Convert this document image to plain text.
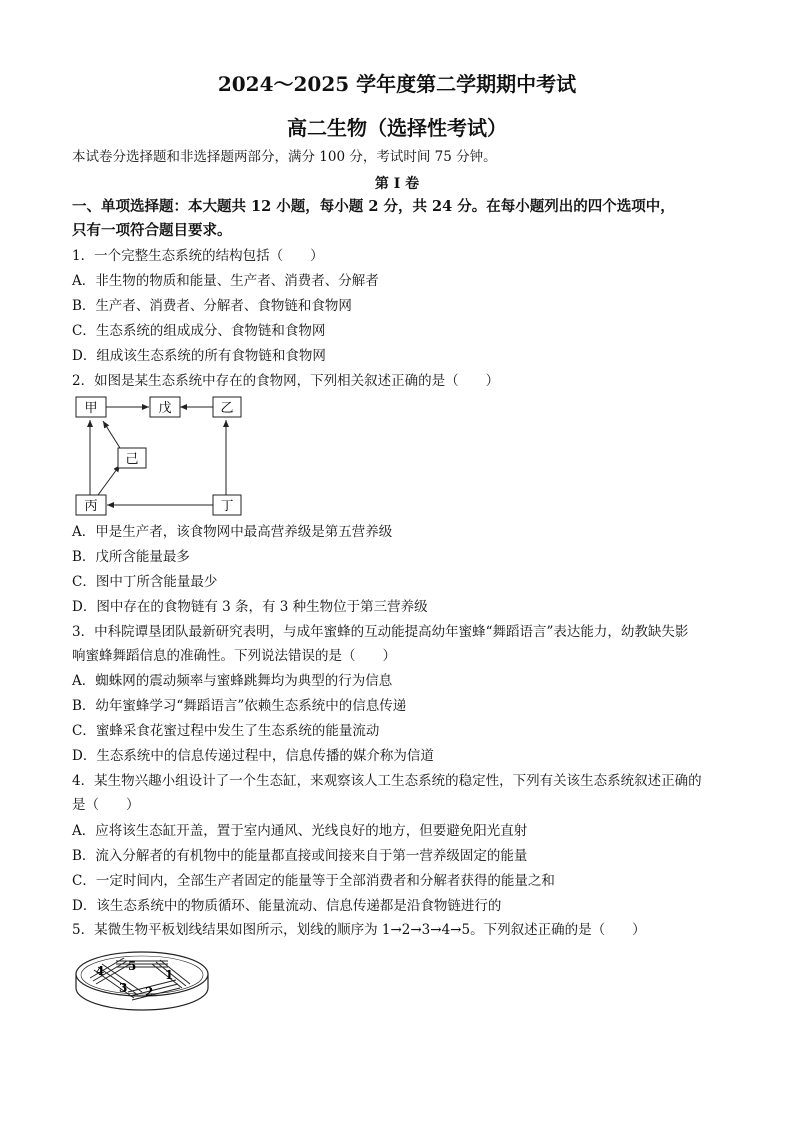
2024～2025 学年度第二学期期中考试
高二生物（选择性考试）
本试卷分选择题和非选择题两部分，满分 100 分，考试时间 75 分钟。
第 I 卷
一、单项选择题：本大题共 12 小题，每小题 2 分，共 24 分。在每小题列出的四个选项中，
只有一项符合题目要求。
1．一个完整生态系统的结构包括（　　）
A．非生物的物质和能量、生产者、消费者、分解者
B．生产者、消费者、分解者、食物链和食物网
C．生态系统的组成成分、食物链和食物网
D．组成该生态系统的所有食物链和食物网
2．如图是某生态系统中存在的食物网，下列相关叙述正确的是（　　）
甲	戊	乙
己
丙	丁
A．甲是生产者，该食物网中最高营养级是第五营养级
B．戊所含能量最多
C．图中丁所含能量最少
D．图中存在的食物链有 3 条，有 3 种生物位于第三营养级
3．中科院谭垦团队最新研究表明，与成年蜜蜂的互动能提高幼年蜜蜂“舞蹈语言”表达能力，幼教缺失影
响蜜蜂舞蹈信息的准确性。下列说法错误的是（　　）
A．蜘蛛网的震动频率与蜜蜂跳舞均为典型的行为信息
B．幼年蜜蜂学习“舞蹈语言”依赖生态系统中的信息传递
C．蜜蜂采食花蜜过程中发生了生态系统的能量流动
D．生态系统中的信息传递过程中，信息传播的媒介称为信道
4．某生物兴趣小组设计了一个生态缸，来观察该人工生态系统的稳定性，下列有关该生态系统叙述正确的
是（　　）
A．应将该生态缸开盖，置于室内通风、光线良好的地方，但要避免阳光直射
B．流入分解者的有机物中的能量都直接或间接来自于第一营养级固定的能量
C．一定时间内，全部生产者固定的能量等于全部消费者和分解者获得的能量之和
D．该生态系统中的物质循环、能量流动、信息传递都是沿食物链进行的
5．某微生物平板划线结果如图所示，划线的顺序为 1→2→3→4→5。下列叙述正确的是（　　）
1
2
3
4 5
